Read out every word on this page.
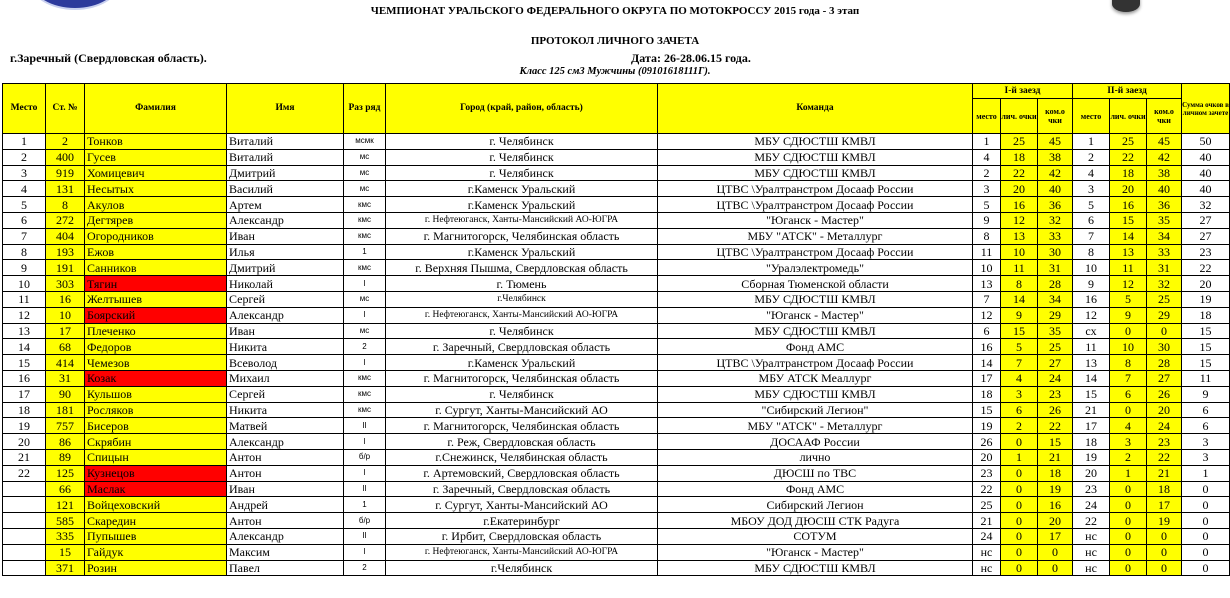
ЧЕМПИОНАТ УРАЛЬСКОГО ФЕДЕРАЛЬНОГО ОКРУГА ПО МОТОКРОССУ 2015 года - 3 этап
ПРОТОКОЛ ЛИЧНОГО ЗАЧЕТА
г.Заречный (Свердловская область).	Дата: 26-28.06.15 года.
Класс 125 см3 Мужчины (09101618111Г).
Место	Ст. №	Фамилия	Имя	Раз ряд	Город (край, район, область)	Команда	I-й заезд			II-й заезд			Сумма очков в личном зачете
							место	лич. очки	ком.о чки	место	лич. очки	ком.о чки	
1	2	Тонков	Виталий	мсмк	г. Челябинск	МБУ СДЮСТШ КМВЛ	1	25	45	1	25	45	50
2	400	Гусев	Виталий	мс	г. Челябинск	МБУ СДЮСТШ КМВЛ	4	18	38	2	22	42	40
3	919	Хомицевич	Дмитрий	мс	г. Челябинск	МБУ СДЮСТШ КМВЛ	2	22	42	4	18	38	40
4	131	Несытых	Василий	мс	г.Каменск Уральский	ЦТВС \Уралтранстром Досааф России	3	20	40	3	20	40	40
5	8	Акулов	Артем	кмс	г.Каменск Уральский	ЦТВС \Уралтранстром Досааф России	5	16	36	5	16	36	32
6	272	Дегтярев	Александр	кмс	г. Нефтеюганск, Ханты-Мансийский АО-ЮГРА	"Юганск - Мастер"	9	12	32	6	15	35	27
7	404	Огородников	Иван	кмс	г. Магнитогорск, Челябинская область	МБУ "АТСК" - Металлург	8	13	33	7	14	34	27
8	193	Ежов	Илья	1	г.Каменск Уральский	ЦТВС \Уралтранстром Досааф России	11	10	30	8	13	33	23
9	191	Санников	Дмитрий	кмс	г. Верхняя Пышма, Свердловская область	"Уралэлектромедь"	10	11	31	10	11	31	22
10	303	Тягин	Николай	I	г. Тюмень	Сборная Тюменской области	13	8	28	9	12	32	20
11	16	Желтышев	Сергей	мс	г.Челябинск	МБУ СДЮСТШ КМВЛ	7	14	34	16	5	25	19
12	10	Боярский	Александр	I	г. Нефтеюганск, Ханты-Мансийский АО-ЮГРА	"Юганск - Мастер"	12	9	29	12	9	29	18
13	17	Плеченко	Иван	мс	г. Челябинск	МБУ СДЮСТШ КМВЛ	6	15	35	сх	0	0	15
14	68	Федоров	Никита	2	г. Заречный, Свердловская область	Фонд АМС	16	5	25	11	10	30	15
15	414	Чемезов	Всеволод	I	г.Каменск Уральский	ЦТВС \Уралтранстром Досааф России	14	7	27	13	8	28	15
16	31	Козак	Михаил	кмс	г. Магнитогорск, Челябинская область	МБУ АТСК Меаллург	17	4	24	14	7	27	11
17	90	Кульшов	Сергей	кмс	г. Челябинск	МБУ СДЮСТШ КМВЛ	18	3	23	15	6	26	9
18	181	Росляков	Никита	кмс	г. Сургут, Ханты-Мансийский АО	"Сибирский Легион"	15	6	26	21	0	20	6
19	757	Бисеров	Матвей	II	г. Магнитогорск, Челябинская область	МБУ "АТСК" - Металлург	19	2	22	17	4	24	6
20	86	Скрябин	Александр	I	г. Реж, Свердловская область	ДОСААФ России	26	0	15	18	3	23	3
21	89	Спицын	Антон	б/р	г.Снежинск, Челябинская область	лично	20	1	21	19	2	22	3
22	125	Кузнецов	Антон	I	г. Артемовский, Свердловская область	ДЮСШ по ТВС	23	0	18	20	1	21	1
	66	Маслак	Иван	II	г. Заречный, Свердловская область	Фонд АМС	22	0	19	23	0	18	0
	121	Войцеховский	Андрей	1	г. Сургут, Ханты-Мансийский АО	Сибирский Легион	25	0	16	24	0	17	0
	585	Скаредин	Антон	б/р	г.Екатеринбург	МБОУ ДОД ДЮСШ СТК Радуга	21	0	20	22	0	19	0
	335	Пупышев	Александр	II	г. Ирбит, Свердловская область	СОТУМ	24	0	17	нс	0	0	0
	15	Гайдук	Максим	I	г. Нефтеюганск, Ханты-Мансийский АО-ЮГРА	"Юганск - Мастер"	нс	0	0	нс	0	0	0
	371	Розин	Павел	2	г.Челябинск	МБУ СДЮСТШ КМВЛ	нс	0	0	нс	0	0	0
